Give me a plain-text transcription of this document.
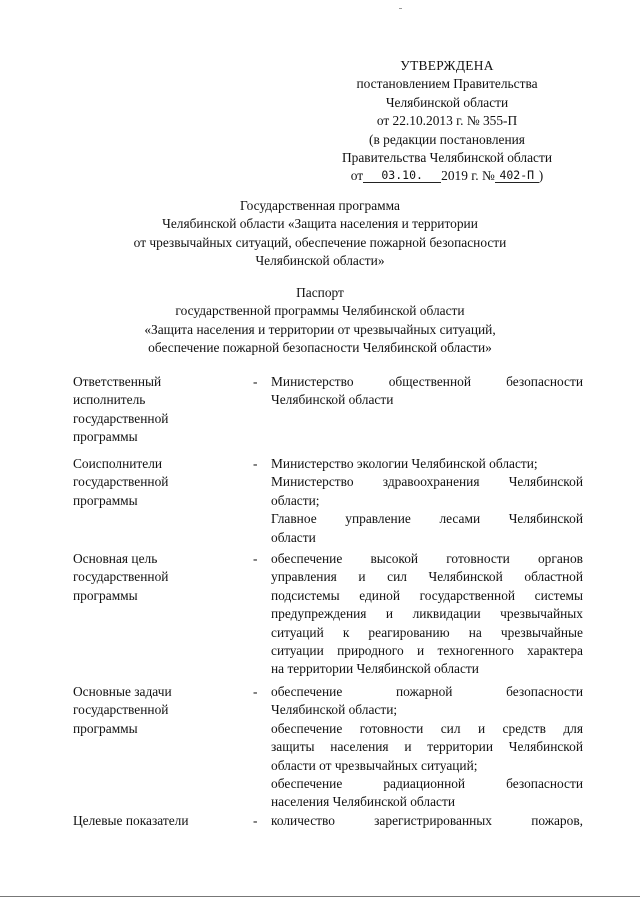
УТВЕРЖДЕНА
постановлением Правительства
Челябинской области
от 22.10.2013 г. № 355-П
(в редакции постановления
Правительства Челябинской области
от 03.10. 2019 г. № 402-П )
Государственная программа
Челябинской области «Защита населения и территории
от чрезвычайных ситуаций, обеспечение пожарной безопасности
Челябинской области»
Паспорт
государственной программы Челябинской области
«Защита населения и территории от чрезвычайных ситуаций,
обеспечение пожарной безопасности Челябинской области»
Ответственный
исполнитель
государственной
программы
- Министерство общественной безопасности
Челябинской области
Соисполнители
государственной
программы
- Министерство экологии Челябинской области;
Министерство здравоохранения Челябинской
области;
Главное управление лесами Челябинской
области
Основная цель
государственной
программы
- обеспечение высокой готовности органов
управления и сил Челябинской областной
подсистемы единой государственной системы
предупреждения и ликвидации чрезвычайных
ситуаций к реагированию на чрезвычайные
ситуации природного и техногенного характера
на территории Челябинской области
Основные задачи
государственной
программы
- обеспечение пожарной безопасности
Челябинской области;
обеспечение готовности сил и средств для
защиты населения и территории Челябинской
области от чрезвычайных ситуаций;
обеспечение радиационной безопасности
населения Челябинской области
Целевые показатели	- количество зарегистрированных пожаров,
